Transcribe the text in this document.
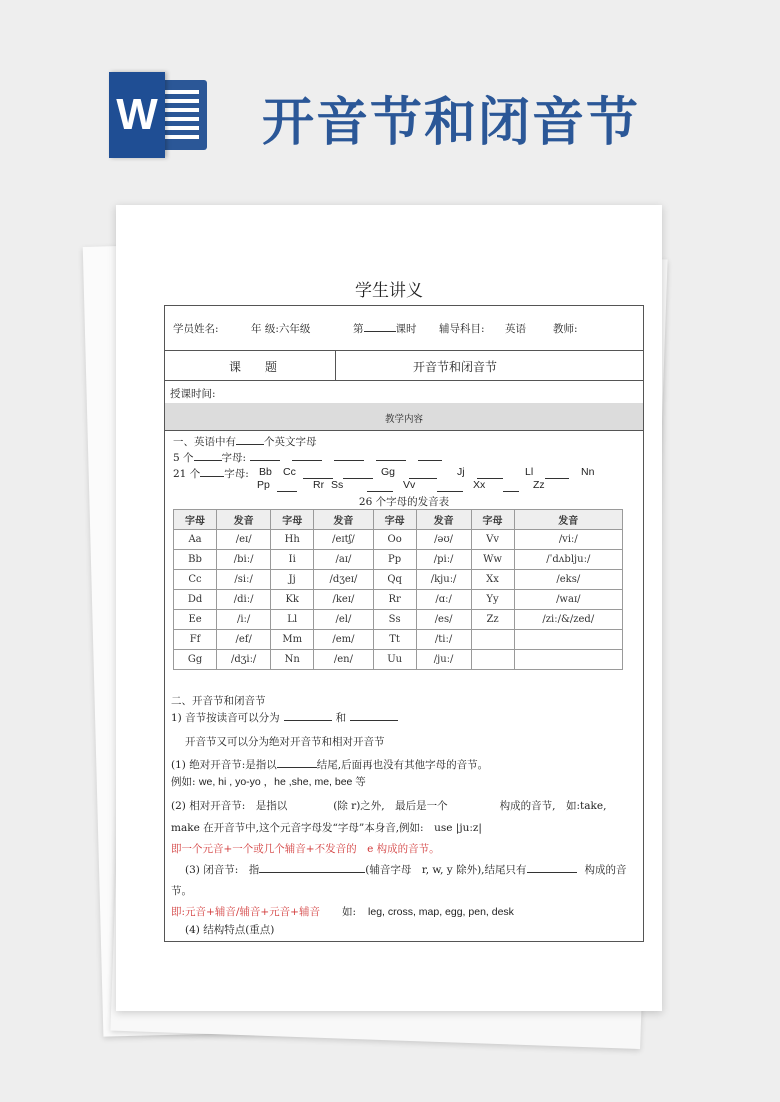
W 开音节和闭音节
学生讲义
学员姓名:	年 级:六年级	第	课时 辅导科目: 英语	教师:
课　　题	开音节和闭音节
授课时间:
教学内容
一、英语中有	个英文字母
5 个	字母:
21 个 字母: Bb Cc	Gg	Jj	Ll	Nn
Pp	Rr Ss	Vv	Xx	Zz
26 个字母的发音表
字母	发音	字母	发音	字母	发音	字母	发音
Aa	/eɪ/	Hh	/eɪtʃ/	Oo	/əʊ/	Vv	/viː/
Bb	/biː/	Ii	/aɪ/	Pp	/piː/	Ww	/ˈdʌbljuː/
Cc	/siː/	Jj	/dʒeɪ/	Qq	/kjuː/	Xx	/eks/
Dd	/diː/	Kk	/keɪ/	Rr	/ɑː/	Yy	/waɪ/
Ee	/iː/	Ll	/el/	Ss	/es/	Zz	/ziː/&/zed/
Ff	/ef/	Mm	/em/	Tt	/tiː/		
Gg	/dʒiː/	Nn	/en/	Uu	/juː/		
二、开音节和闭音节
1) 音节按读音可以分为	和
开音节又可以分为绝对开音节和相对开音节
(1) 绝对开音节:是指以	结尾,后面再也没有其他字母的音节。
例如: we, hi , yo-yo ，he ,she, me, bee 等
(2) 相对开音节:　是指以	(除 r)之外,　最后是一个	构成的音节,　如:take,
make 在开音节中,这个元音字母发“字母”本身音,例如:　use |juːz|
即一个元音+一个或几个辅音+不发音的　e 构成的音节。
(3) 闭音节:　指	(辅音字母　r, w, y 除外),结尾只有	构成的音
节。
即:元音+辅音/辅音+元音+辅音 如: leg, cross, map, egg, pen, desk
(4) 结构特点(重点)
